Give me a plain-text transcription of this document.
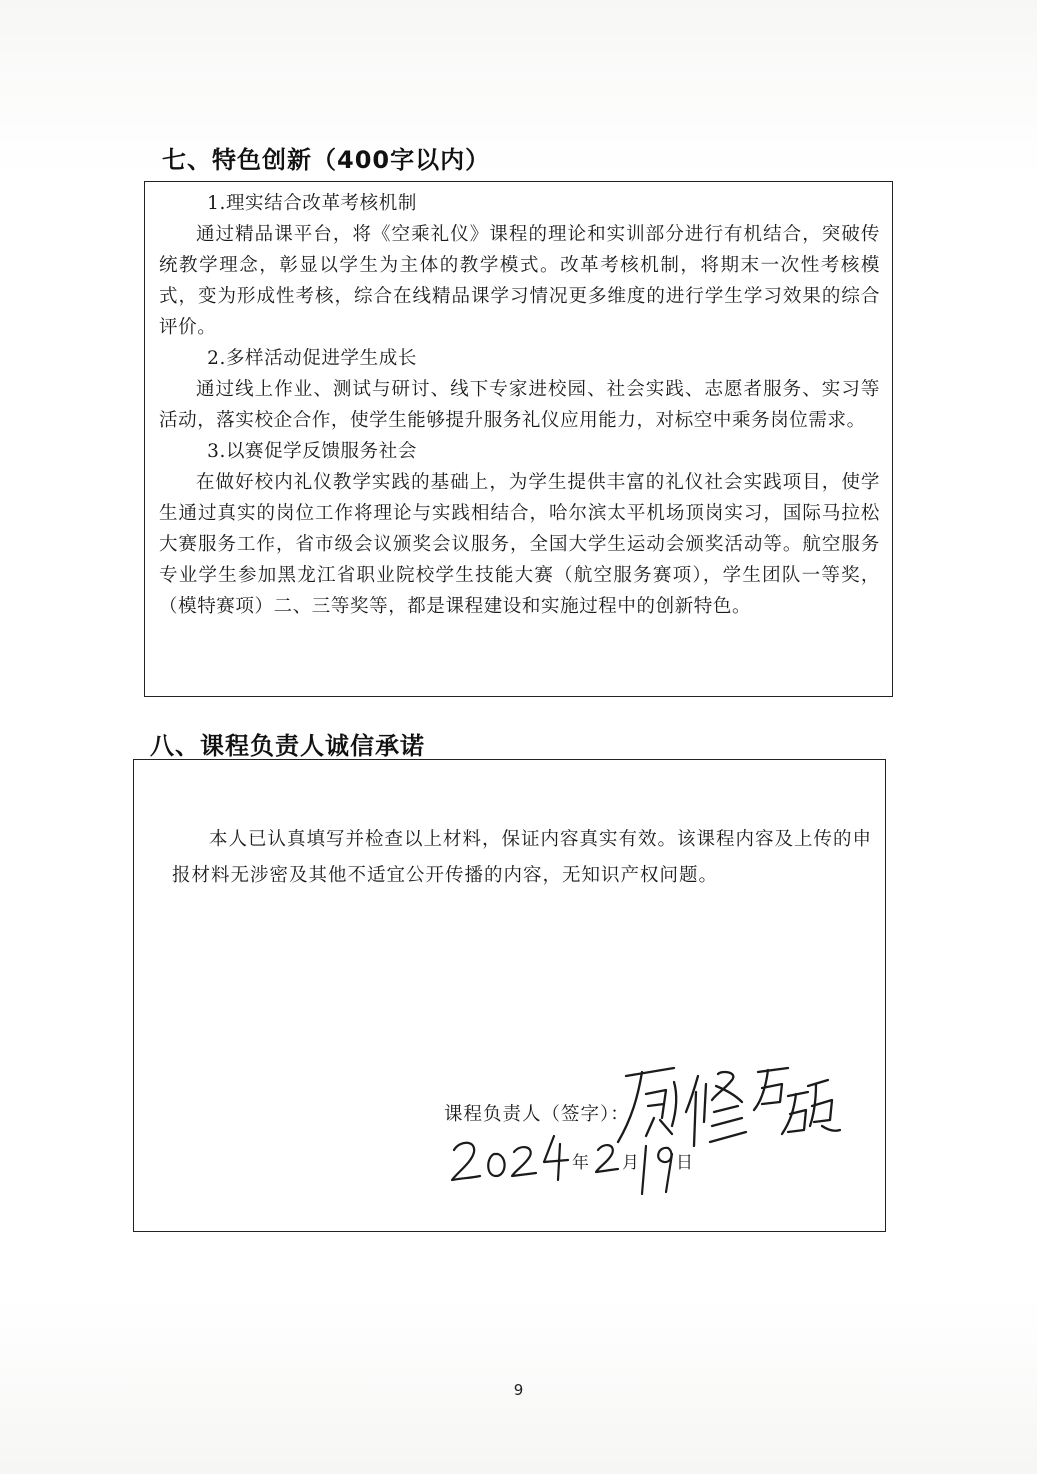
七、特色创新（400字以内）

1.理实结合改革考核机制

通过精品课平台，将《空乘礼仪》课程的理论和实训部分进行有机结合，突破传统教学理念，彰显以学生为主体的教学模式。改革考核机制，将期末一次性考核模式，变为形成性考核，综合在线精品课学习情况更多维度的进行学生学习效果的综合评价。

2.多样活动促进学生成长

通过线上作业、测试与研讨、线下专家进校园、社会实践、志愿者服务、实习等活动，落实校企合作，使学生能够提升服务礼仪应用能力，对标空中乘务岗位需求。

3.以赛促学反馈服务社会

在做好校内礼仪教学实践的基础上，为学生提供丰富的礼仪社会实践项目，使学生通过真实的岗位工作将理论与实践相结合，哈尔滨太平机场顶岗实习，国际马拉松大赛服务工作，省市级会议颁奖会议服务，全国大学生运动会颁奖活动等。航空服务专业学生参加黑龙江省职业院校学生技能大赛（航空服务赛项），学生团队一等奖，（模特赛项）二、三等奖等，都是课程建设和实施过程中的创新特色。

八、课程负责人诚信承诺

本人已认真填写并检查以上材料，保证内容真实有效。该课程内容及上传的申报材料无涉密及其他不适宜公开传播的内容，无知识产权问题。

课程负责人（签字）：
年 月 日
9
